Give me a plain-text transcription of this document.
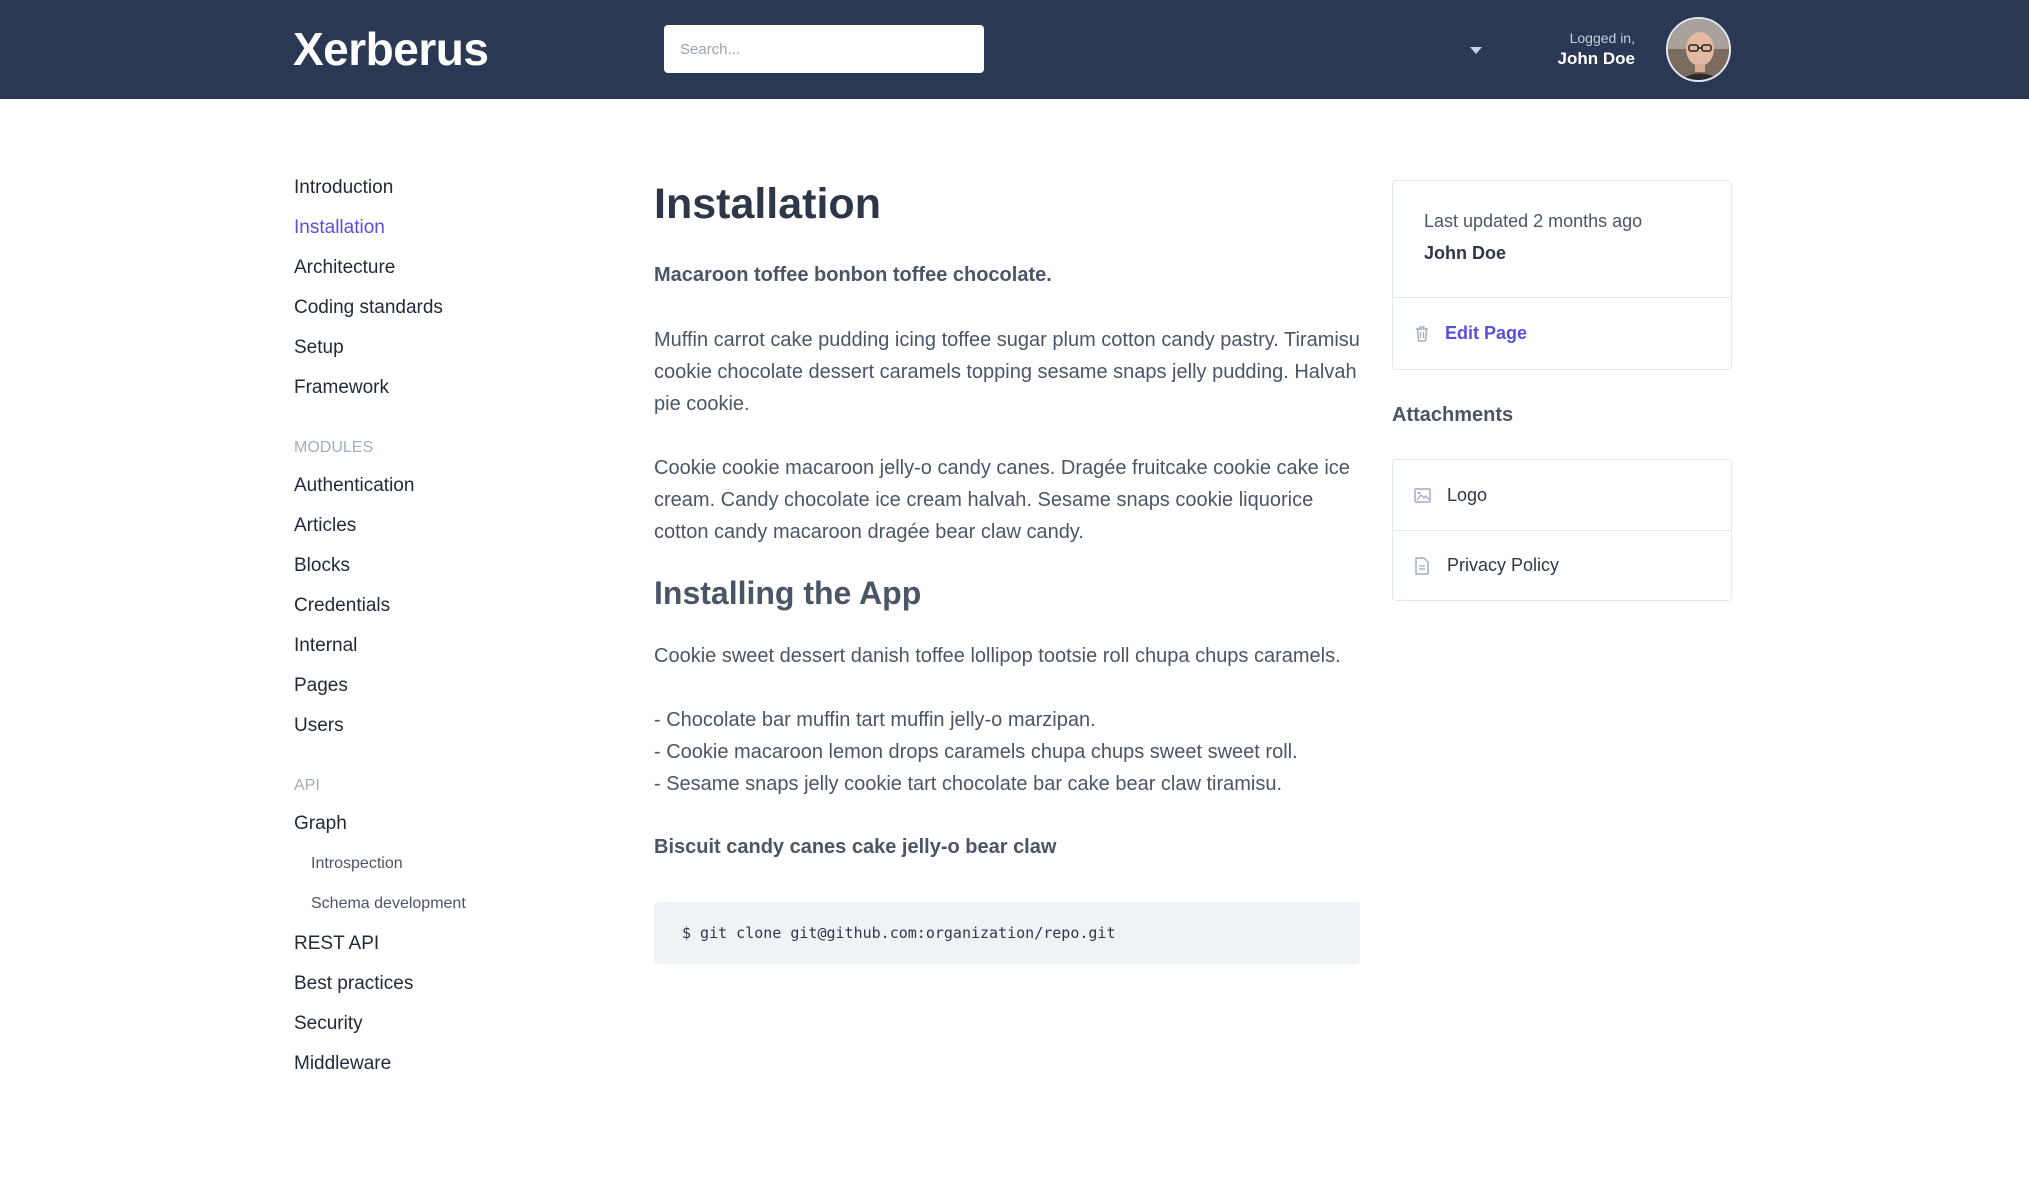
Xerberus
Search...	Logged in,
John Doe
Introduction
Installation
Architecture
Coding standards
Setup
Framework
MODULES
Authentication
Articles
Blocks
Credentials
Internal
Pages
Users
API
Graph
Introspection
Schema development
REST API
Best practices
Security
Middleware
Installation

Macaroon toffee bonbon toffee chocolate.

Muffin carrot cake pudding icing toffee sugar plum cotton candy pastry. Tiramisu cookie chocolate dessert caramels topping sesame snaps jelly pudding. Halvah pie cookie.

Cookie cookie macaroon jelly-o candy canes. Dragée fruitcake cookie cake ice cream. Candy chocolate ice cream halvah. Sesame snaps cookie liquorice cotton candy macaroon dragée bear claw candy.

Installing the App

Cookie sweet dessert danish toffee lollipop tootsie roll chupa chups caramels.

- Chocolate bar muffin tart muffin jelly-o marzipan.
- Cookie macaroon lemon drops caramels chupa chups sweet sweet roll.
- Sesame snaps jelly cookie tart chocolate bar cake bear claw tiramisu.

Biscuit candy canes cake jelly-o bear claw

$ git clone git@github.com:organization/repo.git
Last updated 2 months ago
John Doe
Edit Page
Attachments
Logo
Privacy Policy
